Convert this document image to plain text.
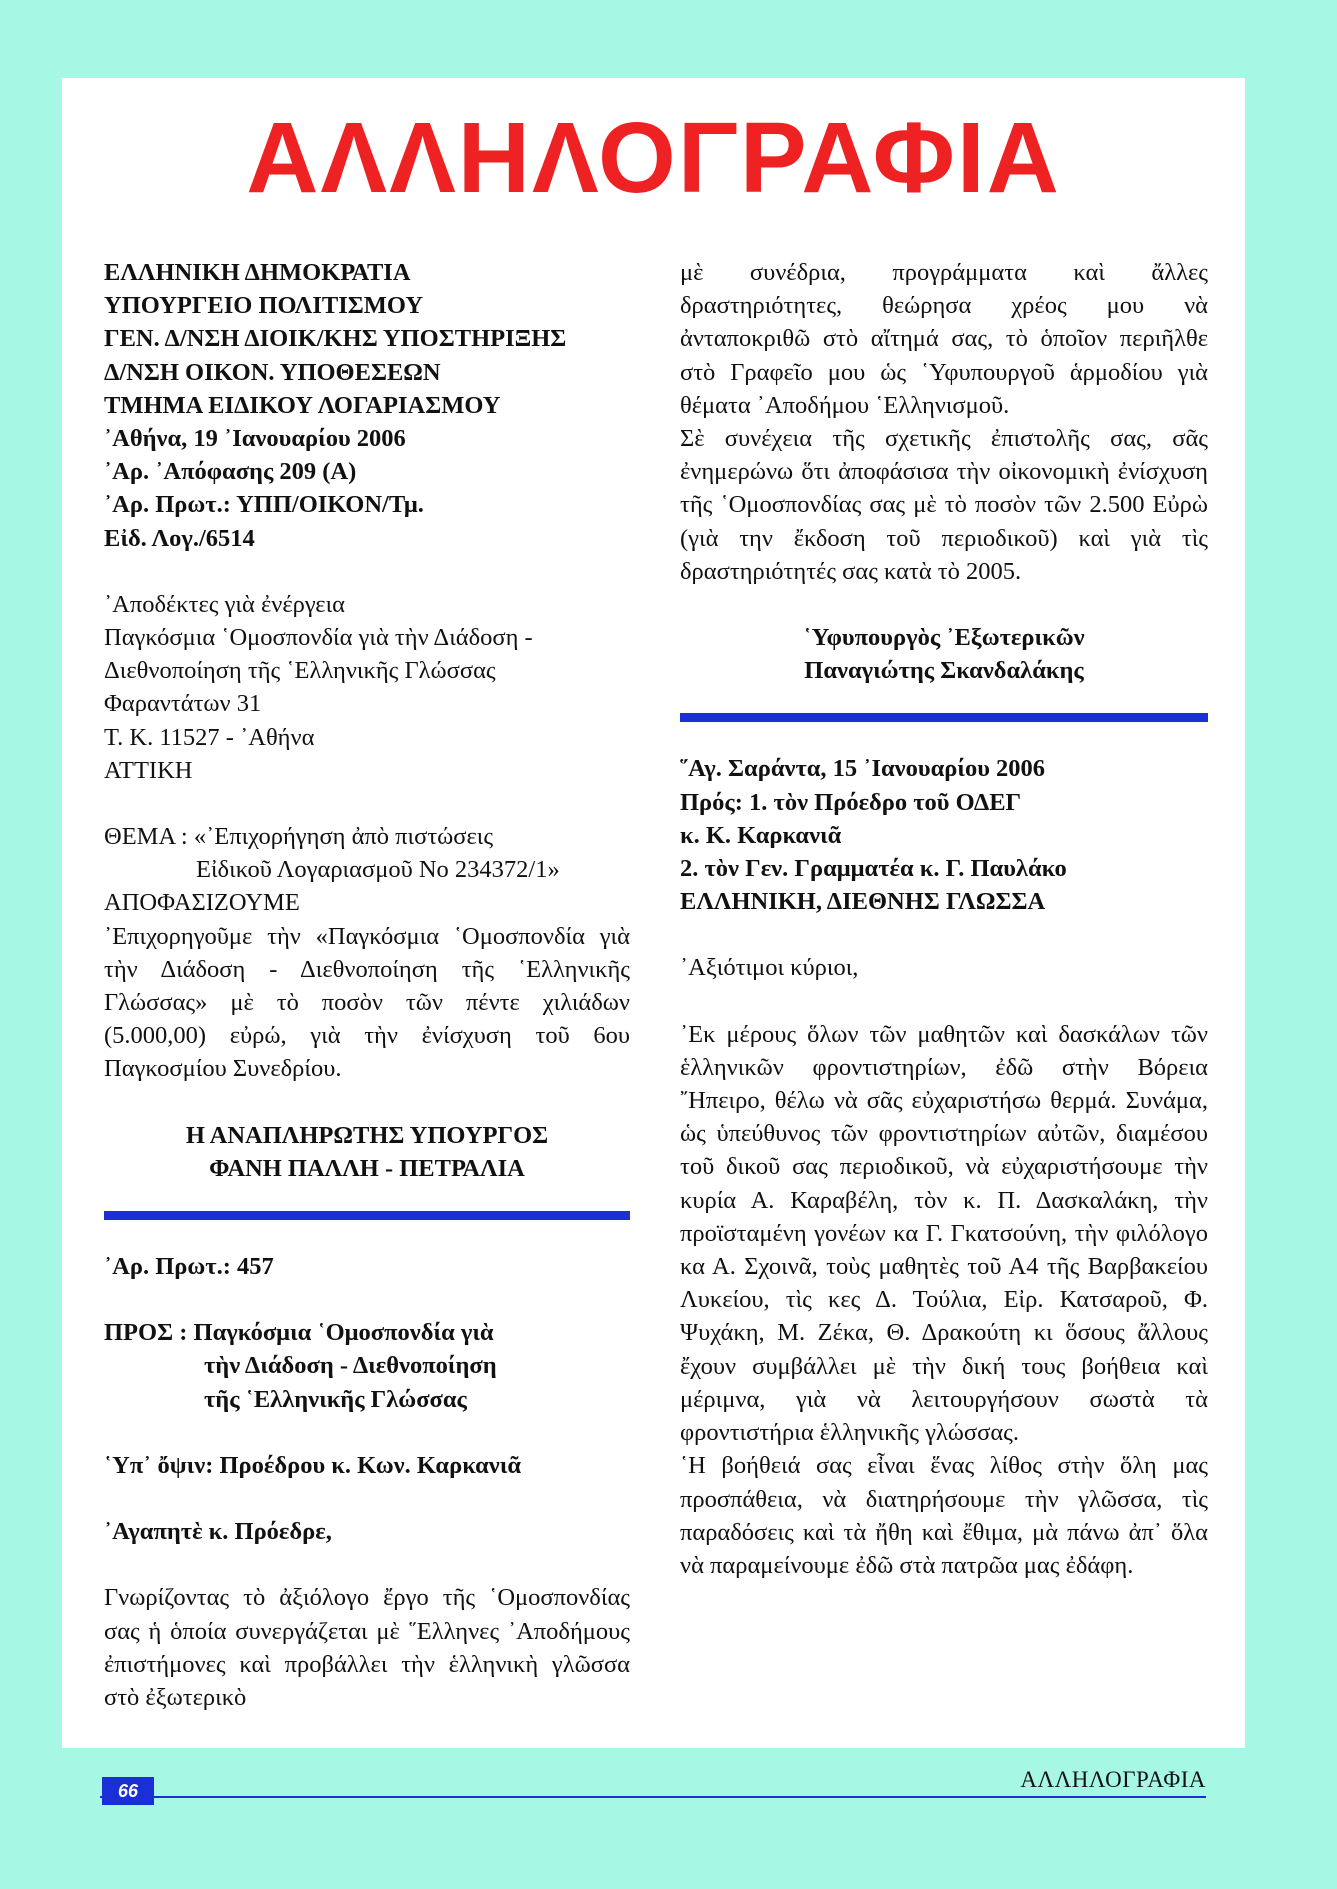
ΑΛΛΗΛΟΓΡΑΦΙΑ

ΕΛΛΗΝΙΚΗ ΔΗΜΟΚΡΑΤΙΑ

ΥΠΟΥΡΓΕΙΟ ΠΟΛΙΤΙΣΜΟΥ

ΓΕΝ. Δ/ΝΣΗ ΔΙΟΙΚ/ΚΗΣ ΥΠΟΣΤΗΡΙΞΗΣ

Δ/ΝΣΗ ΟΙΚΟΝ. ΥΠΟΘΕΣΕΩΝ

ΤΜΗΜΑ ΕΙΔΙΚΟΥ ΛΟΓΑΡΙΑΣΜΟΥ

᾿Αθήνα, 19 ᾿Ιανουαρίου 2006

᾿Αρ. ᾿Απόφασης 209 (Α)

᾿Αρ. Πρωτ.: ΥΠΠ/ΟΙΚΟΝ/Τμ.

Εἰδ. Λογ./6514

᾿Αποδέκτες γιὰ ἐνέργεια

Παγκόσμια ῾Ομοσπονδία γιὰ τὴν Διάδοση -

Διεθνοποίηση τῆς ῾Ελληνικῆς Γλώσσας

Φαραντάτων 31

Τ. Κ. 11527 - ᾿Αθήνα

ΑΤΤΙΚΗ

ΘΕΜΑ : «᾿Επιχορήγηση ἀπὸ πιστώσεις

Εἰδικοῦ Λογαριασμοῦ Νο 234372/1»

ΑΠΟΦΑΣΙΖΟΥΜΕ

᾿Επιχορηγοῦμε τὴν «Παγκόσμια ῾Ομοσπονδία γιὰ τὴν Διάδοση - Διεθνοποίηση τῆς ῾Ελληνικῆς Γλώσσας» μὲ τὸ ποσὸν τῶν πέντε χιλιάδων (5.000,00) εὐρώ, γιὰ τὴν ἐνίσχυση τοῦ 6ου Παγκοσμίου Συνεδρίου.

Η ΑΝΑΠΛΗΡΩΤΗΣ ΥΠΟΥΡΓΟΣ

ΦΑΝΗ ΠΑΛΛΗ - ΠΕΤΡΑΛΙΑ

᾿Αρ. Πρωτ.: 457

ΠΡΟΣ : Παγκόσμια ῾Ομοσπονδία γιὰ

τὴν Διάδοση - Διεθνοποίηση

τῆς ῾Ελληνικῆς Γλώσσας

῾Υπ᾿ ὄψιν: Προέδρου κ. Κων. Καρκανιᾶ

᾿Αγαπητὲ κ. Πρόεδρε,

Γνωρίζοντας τὸ ἀξιόλογο ἔργο τῆς ῾Ομοσπονδίας σας ἡ ὁποία συνεργάζεται μὲ ῞Ελληνες ᾿Αποδήμους ἐπιστήμονες καὶ προβάλλει τὴν ἑλληνικὴ γλῶσσα στὸ ἐξωτερικὸ

μὲ συνέδρια, προγράμματα καὶ ἄλλες δραστηριότητες, θεώρησα χρέος μου νὰ ἀνταποκριθῶ στὸ αἴτημά σας, τὸ ὁποῖον περιῆλθε στὸ Γραφεῖο μου ὡς ῾Υφυπουργοῦ ἁρμοδίου γιὰ θέματα ᾿Αποδήμου ῾Ελληνισμοῦ.

Σὲ συνέχεια τῆς σχετικῆς ἐπιστολῆς σας, σᾶς ἐνημερώνω ὅτι ἀποφάσισα τὴν οἰκονομικὴ ἐνίσχυση τῆς ῾Ομοσπονδίας σας μὲ τὸ ποσὸν τῶν 2.500 Εὐρὼ (γιὰ την ἔκδοση τοῦ περιοδικοῦ) καὶ γιὰ τὶς δραστηριότητές σας κατὰ τὸ 2005.

῾Υφυπουργὸς ᾿Εξωτερικῶν

Παναγιώτης Σκανδαλάκης

῞Αγ. Σαράντα, 15 ᾿Ιανουαρίου 2006

Πρός: 1. τὸν Πρόεδρο τοῦ ΟΔΕΓ

κ. Κ. Καρκανιᾶ

2. τὸν Γεν. Γραμματέα κ. Γ. Παυλάκο

ΕΛΛΗΝΙΚΗ, ΔΙΕΘΝΗΣ ΓΛΩΣΣΑ

᾿Αξιότιμοι κύριοι,

᾿Εκ μέρους ὅλων τῶν μαθητῶν καὶ δασκάλων τῶν ἑλληνικῶν φροντιστηρίων, ἐδῶ στὴν Βόρεια ῎Ηπειρο, θέλω νὰ σᾶς εὐχαριστήσω θερμά. Συνάμα, ὡς ὑπεύθυνος τῶν φροντιστηρίων αὐτῶν, διαμέσου τοῦ δικοῦ σας περιοδικοῦ, νὰ εὐχαριστήσουμε τὴν κυρία Α. Καραβέλη, τὸν κ. Π. Δασκαλάκη, τὴν προϊσταμένη γονέων κα Γ. Γκατσούνη, τὴν φιλόλογο κα Α. Σχοινᾶ, τοὺς μαθητὲς τοῦ Α4 τῆς Βαρβακείου Λυκείου, τὶς κες Δ. Τούλια, Εἰρ. Κατσαροῦ, Φ. Ψυχάκη, Μ. Ζέκα, Θ. Δρακούτη κι ὅσους ἄλλους ἔχουν συμβάλλει μὲ τὴν δική τους βοήθεια καὶ μέριμνα, γιὰ νὰ λειτουργήσουν σωστὰ τὰ φροντιστήρια ἑλληνικῆς γλώσσας.

῾Η βοήθειά σας εἶναι ἕνας λίθος στὴν ὅλη μας προσπάθεια, νὰ διατηρήσουμε τὴν γλῶσσα, τὶς παραδόσεις καὶ τὰ ἤθη καὶ ἔθιμα, μὰ πάνω ἀπ᾿ ὅλα νὰ παραμείνουμε ἐδῶ στὰ πατρῶα μας ἐδάφη.

66	ΑΛΛΗΛΟΓΡΑΦΙΑ
